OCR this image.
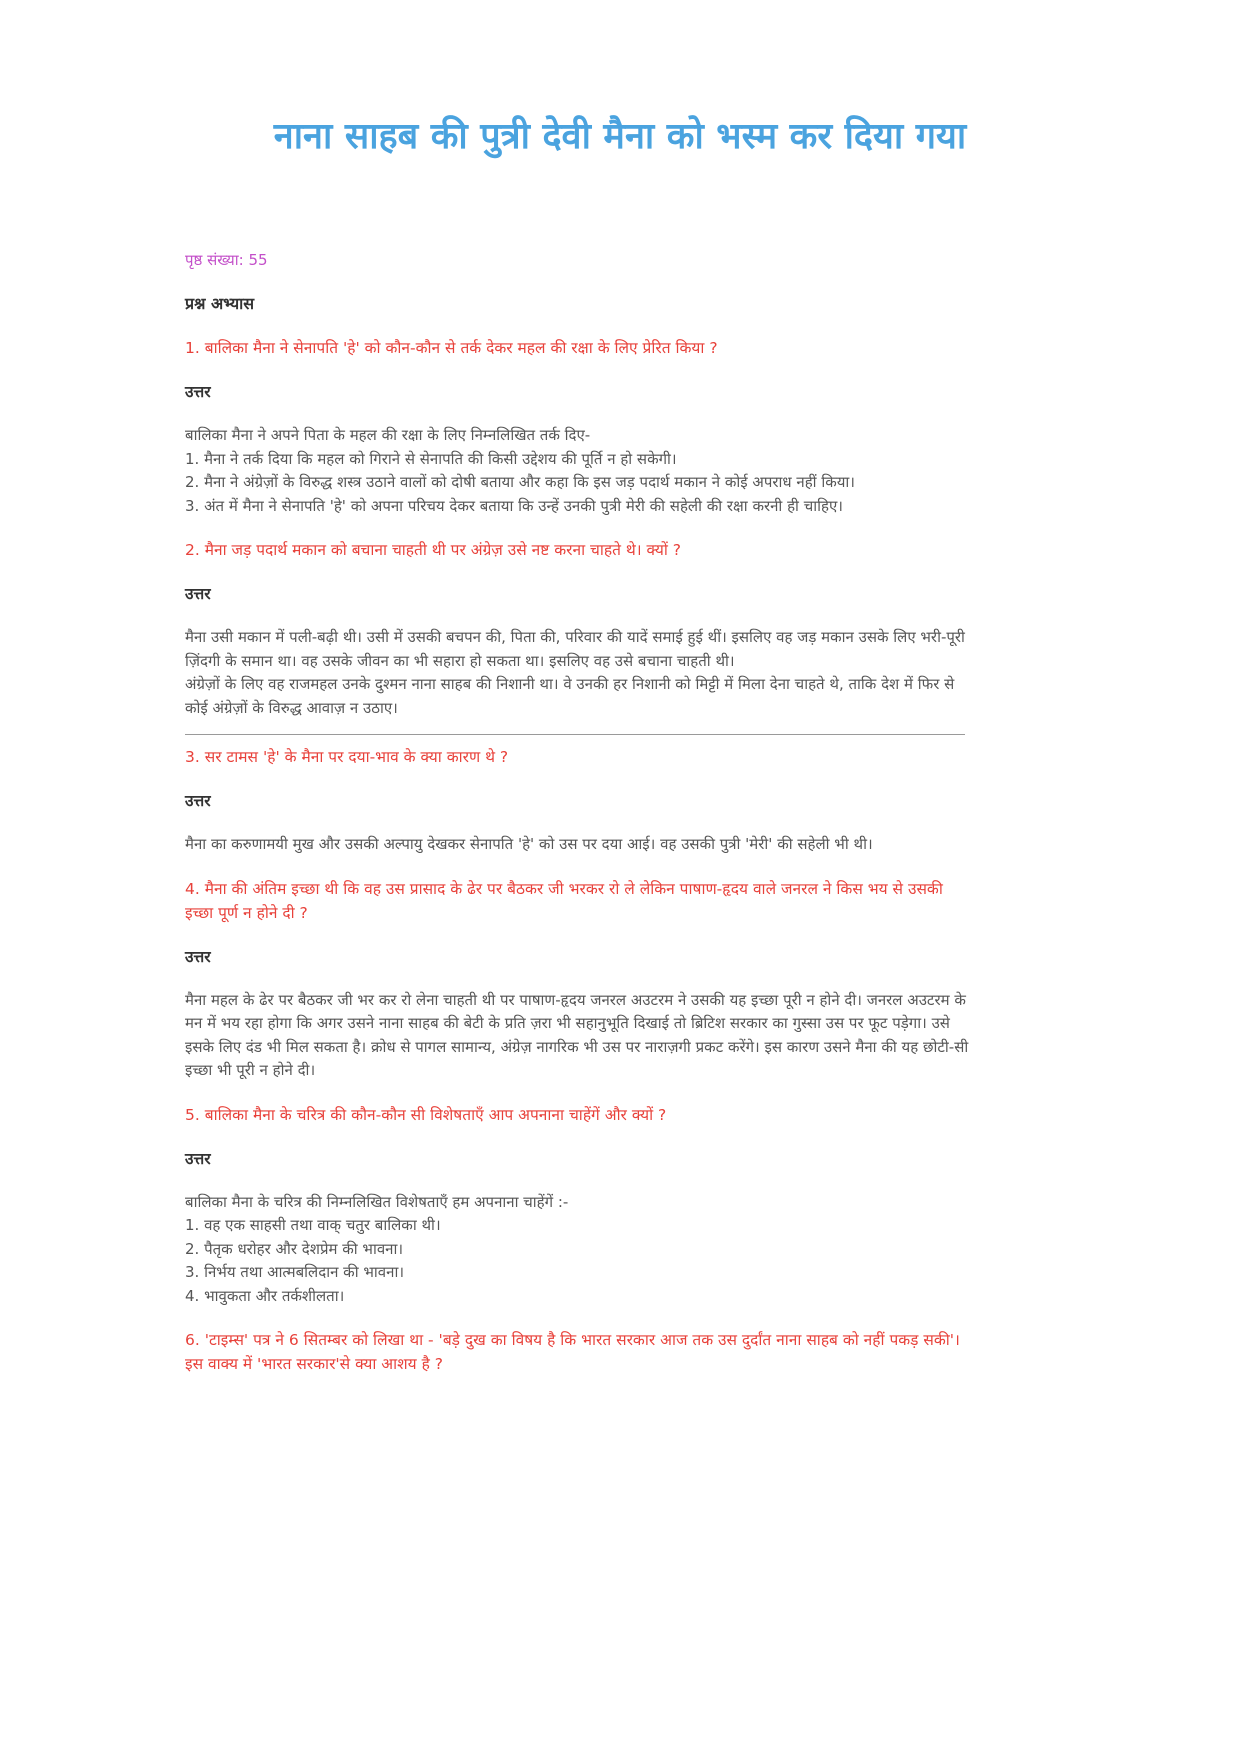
नाना साहब की पुत्री देवी मैना को भस्म कर दिया गया
पृष्ठ संख्या: 55
प्रश्न अभ्यास
1. बालिका मैना ने सेनापति 'हे' को कौन-कौन से तर्क देकर महल की रक्षा के लिए प्रेरित किया ?
उत्तर

बालिका मैना ने अपने पिता के महल की रक्षा के लिए निम्नलिखित तर्क दिए-

1. मैना ने तर्क दिया कि महल को गिराने से सेनापति की किसी उद्देशय की पूर्ति न हो सकेगी।

2. मैना ने अंग्रेज़ों के विरुद्ध शस्त्र उठाने वालों को दोषी बताया और कहा कि इस जड़ पदार्थ मकान ने कोई अपराध नहीं किया।

3. अंत में मैना ने सेनापति 'हे' को अपना परिचय देकर बताया कि उन्हें उनकी पुत्री मेरी की सहेली की रक्षा करनी ही चाहिए।

2. मैना जड़ पदार्थ मकान को बचाना चाहती थी पर अंग्रेज़ उसे नष्ट करना चाहते थे। क्यों ?
उत्तर

मैना उसी मकान में पली-बढ़ी थी। उसी में उसकी बचपन की, पिता की, परिवार की यादें समाई हुई थीं। इसलिए वह जड़ मकान उसके लिए भरी-पूरी ज़िंदगी के समान था। वह उसके जीवन का भी सहारा हो सकता था। इसलिए वह उसे बचाना चाहती थी।

अंग्रेज़ों के लिए वह राजमहल उनके दुश्मन नाना साहब की निशानी था। वे उनकी हर निशानी को मिट्टी में मिला देना चाहते थे, ताकि देश में फिर से कोई अंग्रेज़ों के विरुद्ध आवाज़ न उठाए।

3. सर टामस 'हे' के मैना पर दया-भाव के क्या कारण थे ?
उत्तर

मैना का करुणामयी मुख और उसकी अल्पायु देखकर सेनापति 'हे' को उस पर दया आई। वह उसकी पुत्री 'मेरी' की सहेली भी थी।

4. मैना की अंतिम इच्छा थी कि वह उस प्रासाद के ढेर पर बैठकर जी भरकर रो ले लेकिन पाषाण-हृदय वाले जनरल ने किस भय से उसकी इच्छा पूर्ण न होने दी ?
उत्तर

मैना महल के ढेर पर बैठकर जी भर कर रो लेना चाहती थी पर पाषाण-हृदय जनरल अउटरम ने उसकी यह इच्छा पूरी न होने दी। जनरल अउटरम के मन में भय रहा होगा कि अगर उसने नाना साहब की बेटी के प्रति ज़रा भी सहानुभूति दिखाई तो ब्रिटिश सरकार का गुस्सा उस पर फूट पड़ेगा। उसे इसके लिए दंड भी मिल सकता है। क्रोध से पागल सामान्य, अंग्रेज़ नागरिक भी उस पर नाराज़गी प्रकट करेंगे। इस कारण उसने मैना की यह छोटी-सी इच्छा भी पूरी न होने दी।

5. बालिका मैना के चरित्र की कौन-कौन सी विशेषताएँ आप अपनाना चाहेंगें और क्यों ?
उत्तर

बालिका मैना के चरित्र की निम्नलिखित विशेषताएँ हम अपनाना चाहेंगें :-

1. वह एक साहसी तथा वाक् चतुर बालिका थी।

2. पैतृक धरोहर और देशप्रेम की भावना।

3. निर्भय तथा आत्मबलिदान की भावना।

4. भावुकता और तर्कशीलता।

6. 'टाइम्स' पत्र ने 6 सितम्बर को लिखा था - 'बड़े दुख का विषय है कि भारत सरकार आज तक उस दुर्दांत नाना साहब को नहीं पकड़ सकी'। इस वाक्य में 'भारत सरकार'से क्या आशय है ?
